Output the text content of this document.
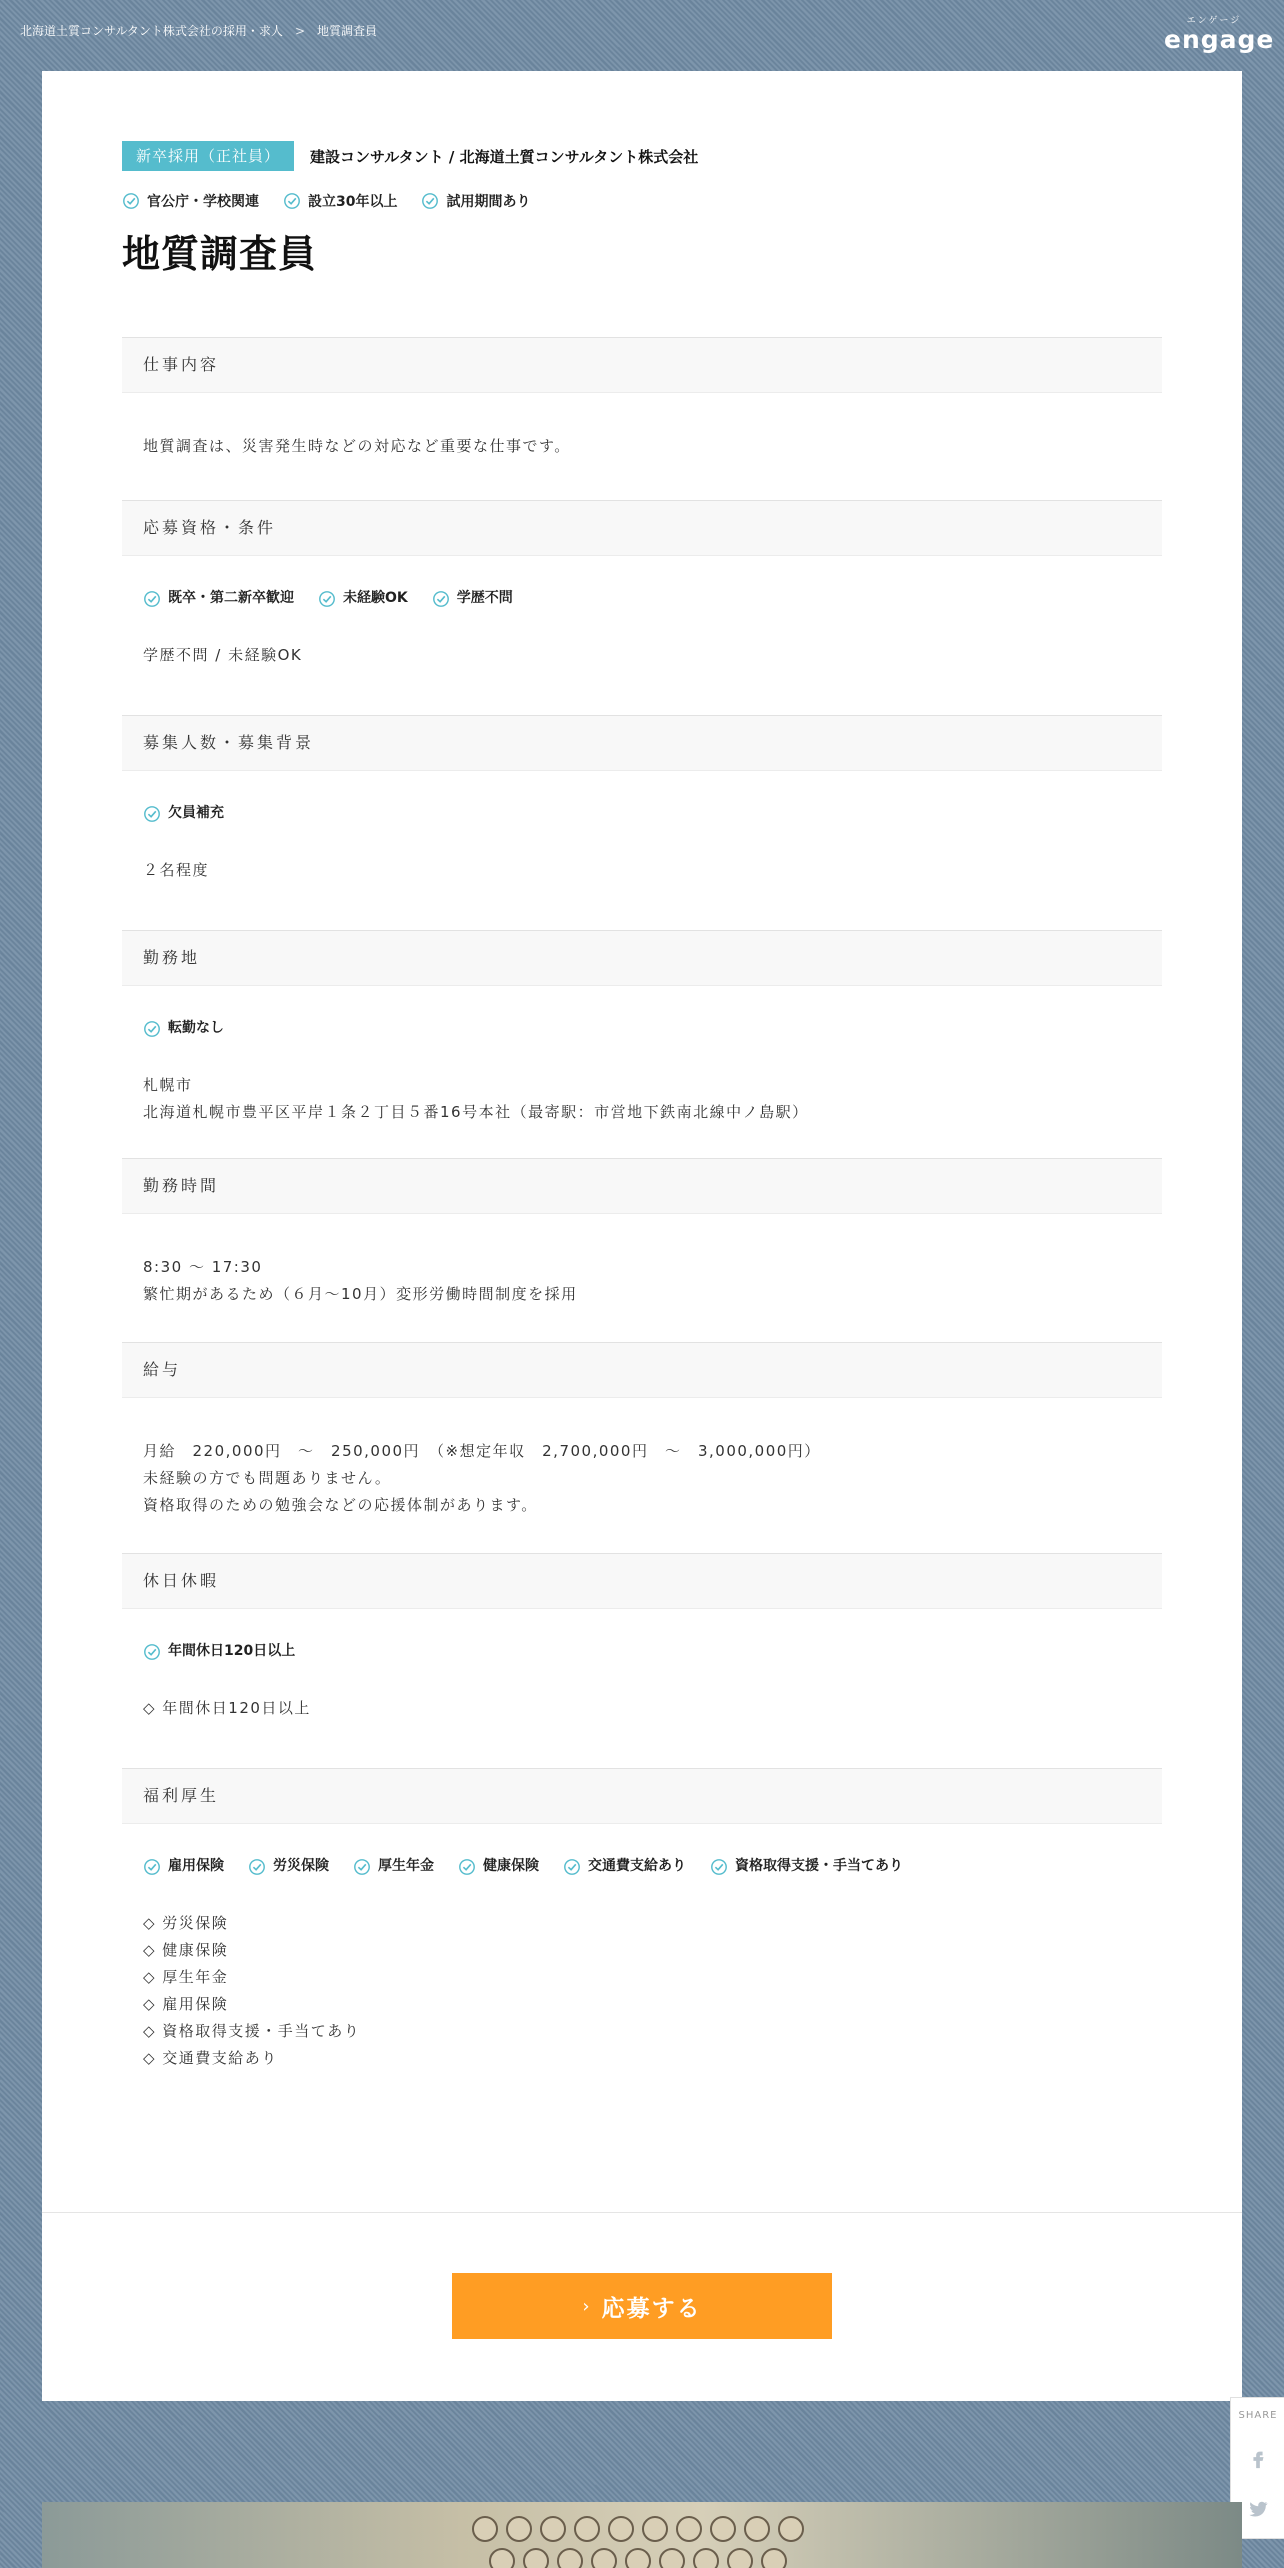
北海道土質コンサルタント株式会社の採用・求人 > 地質調査員
エンゲージ
engage
新卒採用（正社員）	建設コンサルタント / 北海道土質コンサルタント株式会社
官公庁・学校関連	設立30年以上	試用期間あり
地質調査員
仕事内容
地質調査は、災害発生時などの対応など重要な仕事です。
応募資格・条件
既卒・第二新卒歓迎	未経験OK	学歴不問
学歴不問 / 未経験OK
募集人数・募集背景
欠員補充
２名程度
勤務地
転勤なし
札幌市
北海道札幌市豊平区平岸１条２丁目５番16号本社（最寄駅：市営地下鉄南北線中ノ島駅）
勤務時間
8:30 ～ 17:30
繁忙期があるため（６月～10月）変形労働時間制度を採用
給与
月給　220,000円　～　250,000円　（※想定年収　2,700,000円　～　3,000,000円）
未経験の方でも問題ありません。
資格取得のための勉強会などの応援体制があります。
休日休暇
年間休日120日以上
◇ 年間休日120日以上
福利厚生
雇用保険	労災保険	厚生年金	健康保険	交通費支給あり	資格取得支援・手当てあり
◇ 労災保険
◇ 健康保険
◇ 厚生年金
◇ 雇用保険
◇ 資格取得支援・手当てあり
◇ 交通費支給あり
› 応募する
SHARE
